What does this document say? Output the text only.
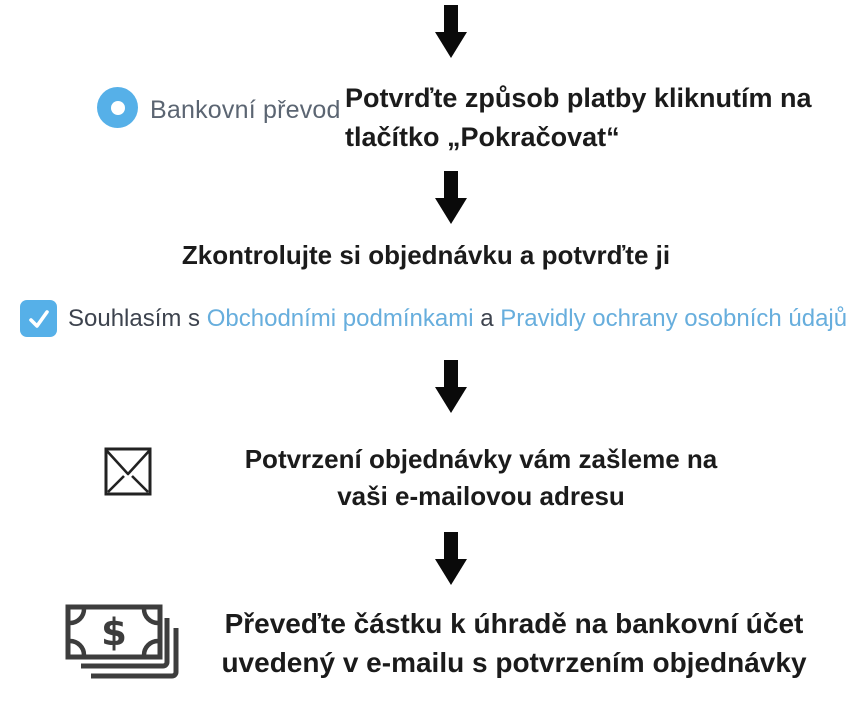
Bankovní převod Potvrďte způsob platby kliknutím na
tlačítko „Pokračovat“
Zkontrolujte si objednávku a potvrďte ji
Souhlasím s Obchodními podmínkami a Pravidly ochrany osobních údajů
Potvrzení objednávky vám zašleme na
vaši e-mailovou adresu
$	Převeďte částku k úhradě na bankovní účet
uvedený v e-mailu s potvrzením objednávky
